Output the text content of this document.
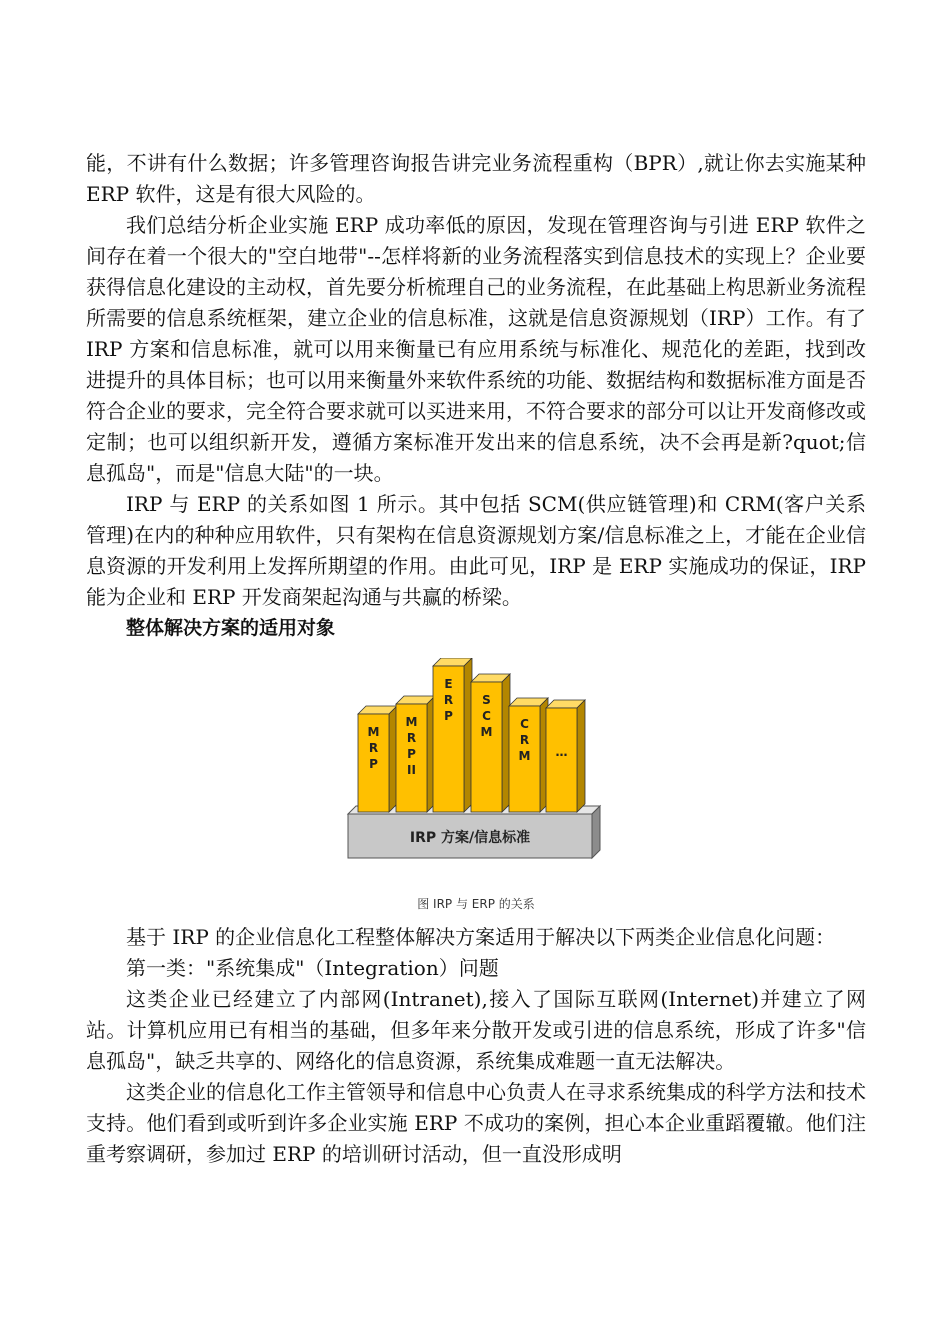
能，不讲有什么数据；许多管理咨询报告讲完业务流程重构（BPR）,就让你去实施某种 ERP 软件，这是有很大风险的。

我们总结分析企业实施 ERP 成功率低的原因，发现在管理咨询与引进 ERP 软件之间存在着一个很大的"空白地带"--怎样将新的业务流程落实到信息技术的实现上？企业要获得信息化建设的主动权，首先要分析梳理自己的业务流程，在此基础上构思新业务流程所需要的信息系统框架，建立企业的信息标准，这就是信息资源规划（IRP）工作。有了 IRP 方案和信息标准，就可以用来衡量已有应用系统与标准化、规范化的差距，找到改进提升的具体目标；也可以用来衡量外来软件系统的功能、数据结构和数据标准方面是否符合企业的要求，完全符合要求就可以买进来用，不符合要求的部分可以让开发商修改或定制；也可以组织新开发，遵循方案标准开发出来的信息系统，决不会再是新?quot;信息孤岛"，而是"信息大陆"的一块。

IRP 与 ERP 的关系如图 1 所示。其中包括 SCM(供应链管理)和 CRM(客户关系管理)在内的种种应用软件，只有架构在信息资源规划方案/信息标准之上，才能在企业信息资源的开发利用上发挥所期望的作用。由此可见，IRP 是 ERP 实施成功的保证，IRP 能为企业和 ERP 开发商架起沟通与共赢的桥梁。

整体解决方案的适用对象

IRP 方案/信息标准
M
R
P
M
R
P
II
E
R
P
S
C
M
C
R
M …
图 IRP 与 ERP 的关系

基于 IRP 的企业信息化工程整体解决方案适用于解决以下两类企业信息化问题：

第一类："系统集成"（Integration）问题

这类企业已经建立了内部网(Intranet),接入了国际互联网(Internet)并建立了网站。计算机应用已有相当的基础，但多年来分散开发或引进的信息系统，形成了许多"信息孤岛"，缺乏共享的、网络化的信息资源，系统集成难题一直无法解决。

这类企业的信息化工作主管领导和信息中心负责人在寻求系统集成的科学方法和技术支持。他们看到或听到许多企业实施 ERP 不成功的案例，担心本企业重蹈覆辙。他们注重考察调研，参加过 ERP 的培训研讨活动，但一直没形成明
